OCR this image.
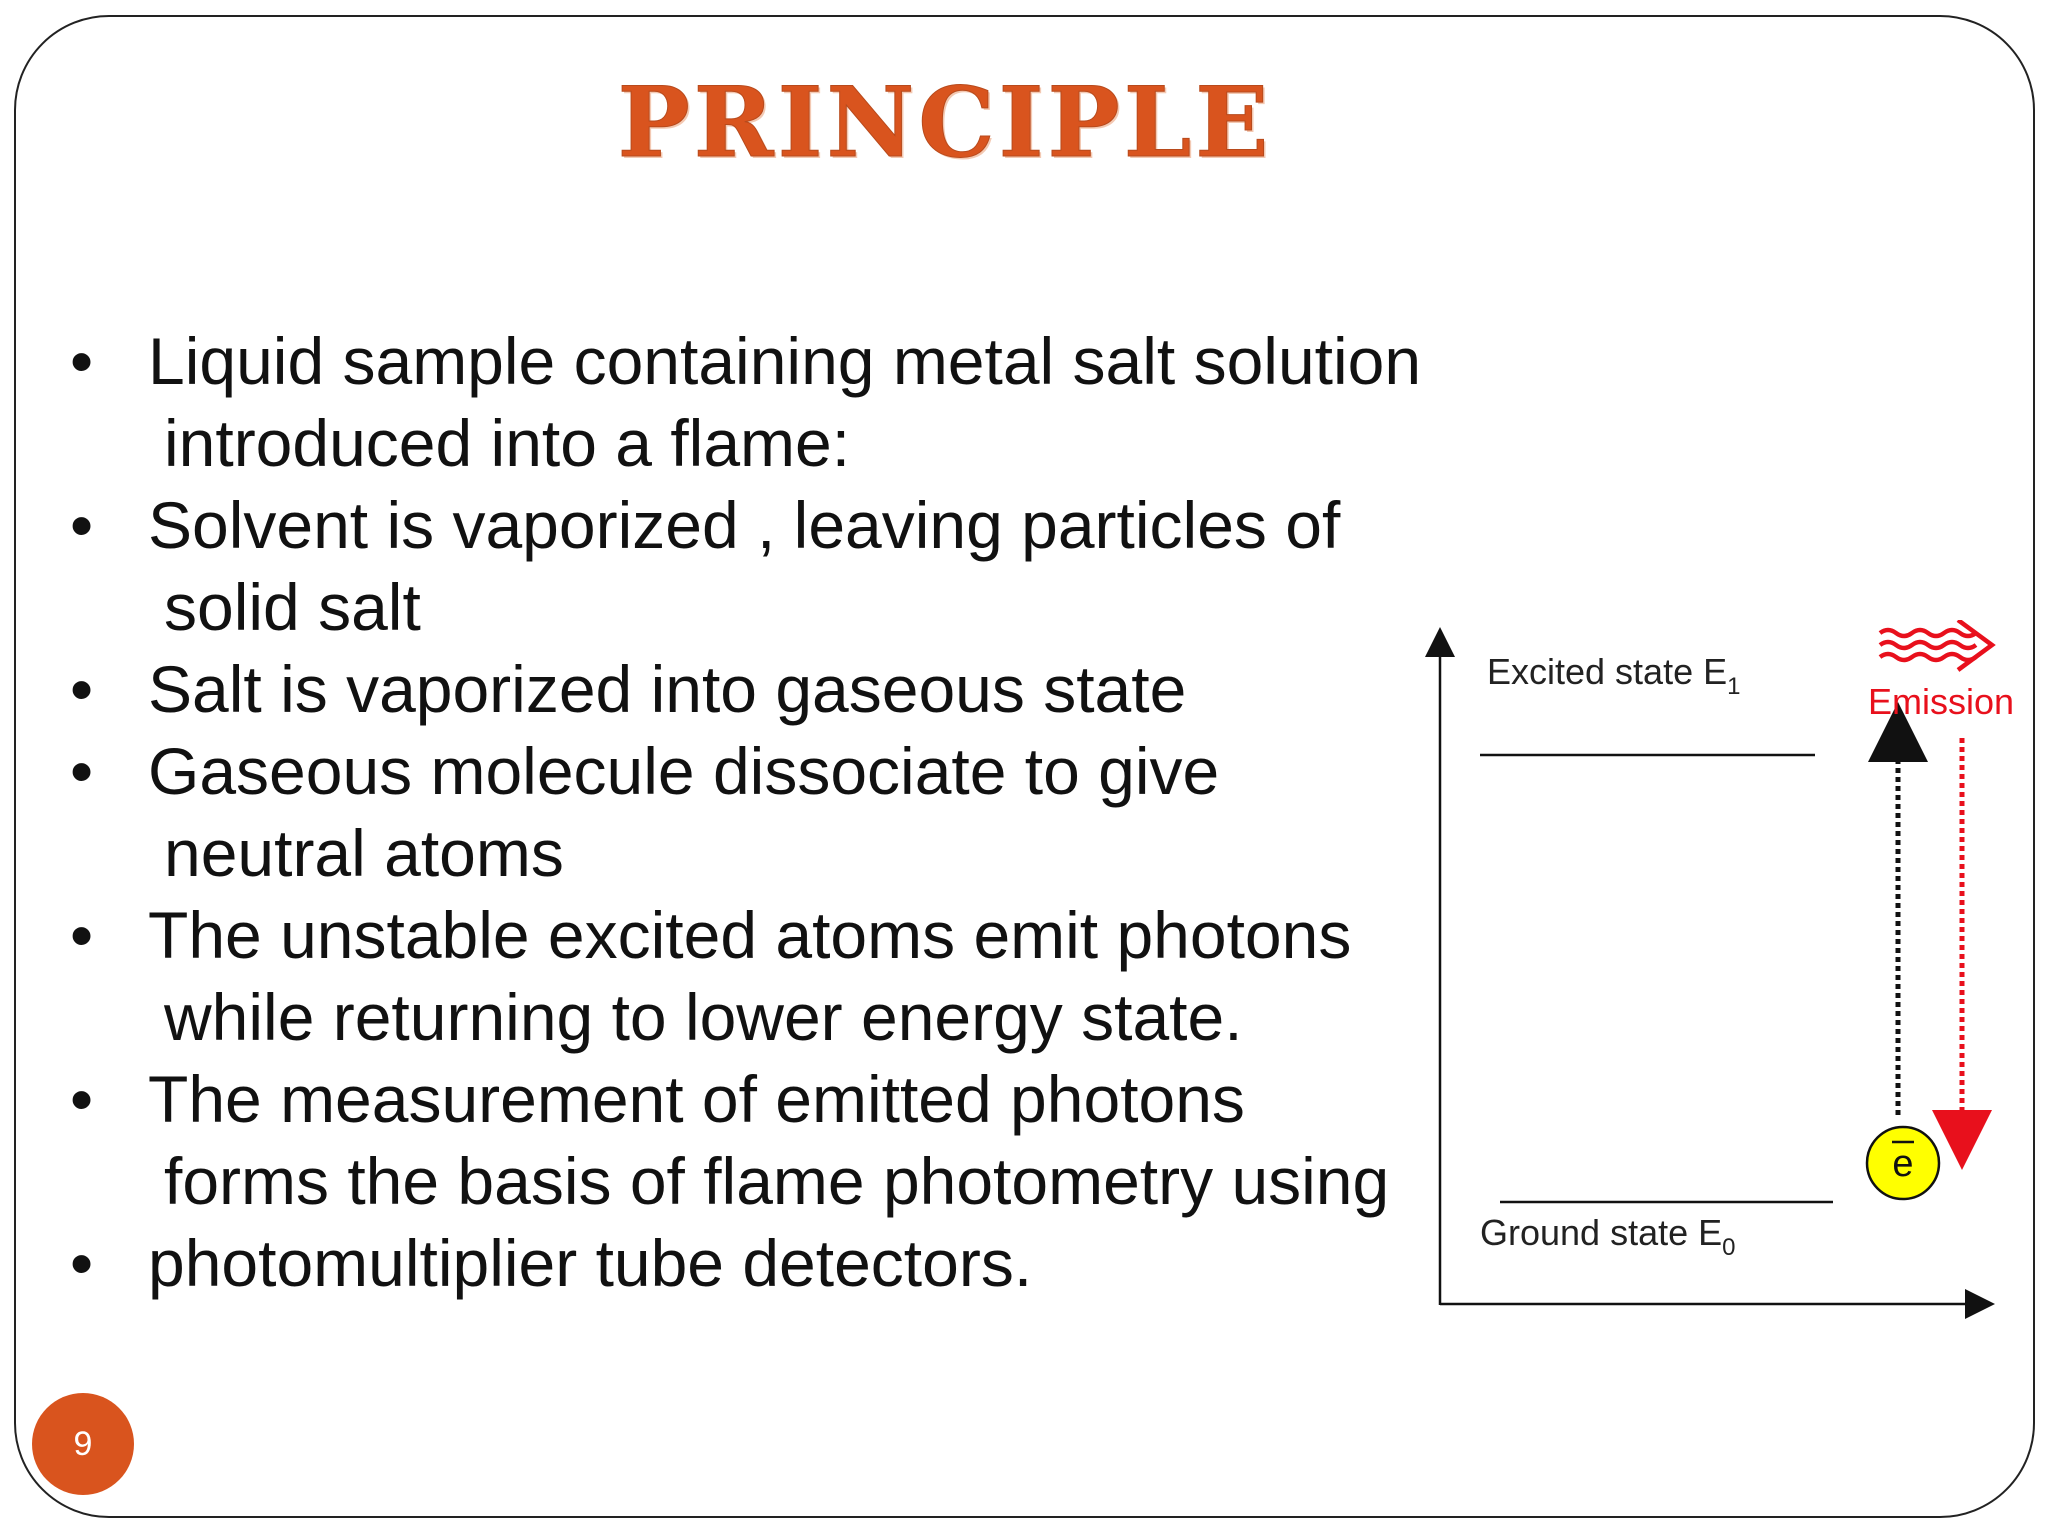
PRINCIPLE
• Liquid sample containing metal salt solution
introduced into a flame:
• Solvent is vaporized , leaving particles of
solid salt
• Salt is vaporized into gaseous state
• Gaseous molecule dissociate to give
neutral atoms
• The unstable excited atoms emit photons
while returning to lower energy state.
• The measurement of emitted photons
forms the basis of flame photometry using
• photomultiplier tube detectors.
Excited state $E_1$
Ground state $E_0$
Emission
e
9
